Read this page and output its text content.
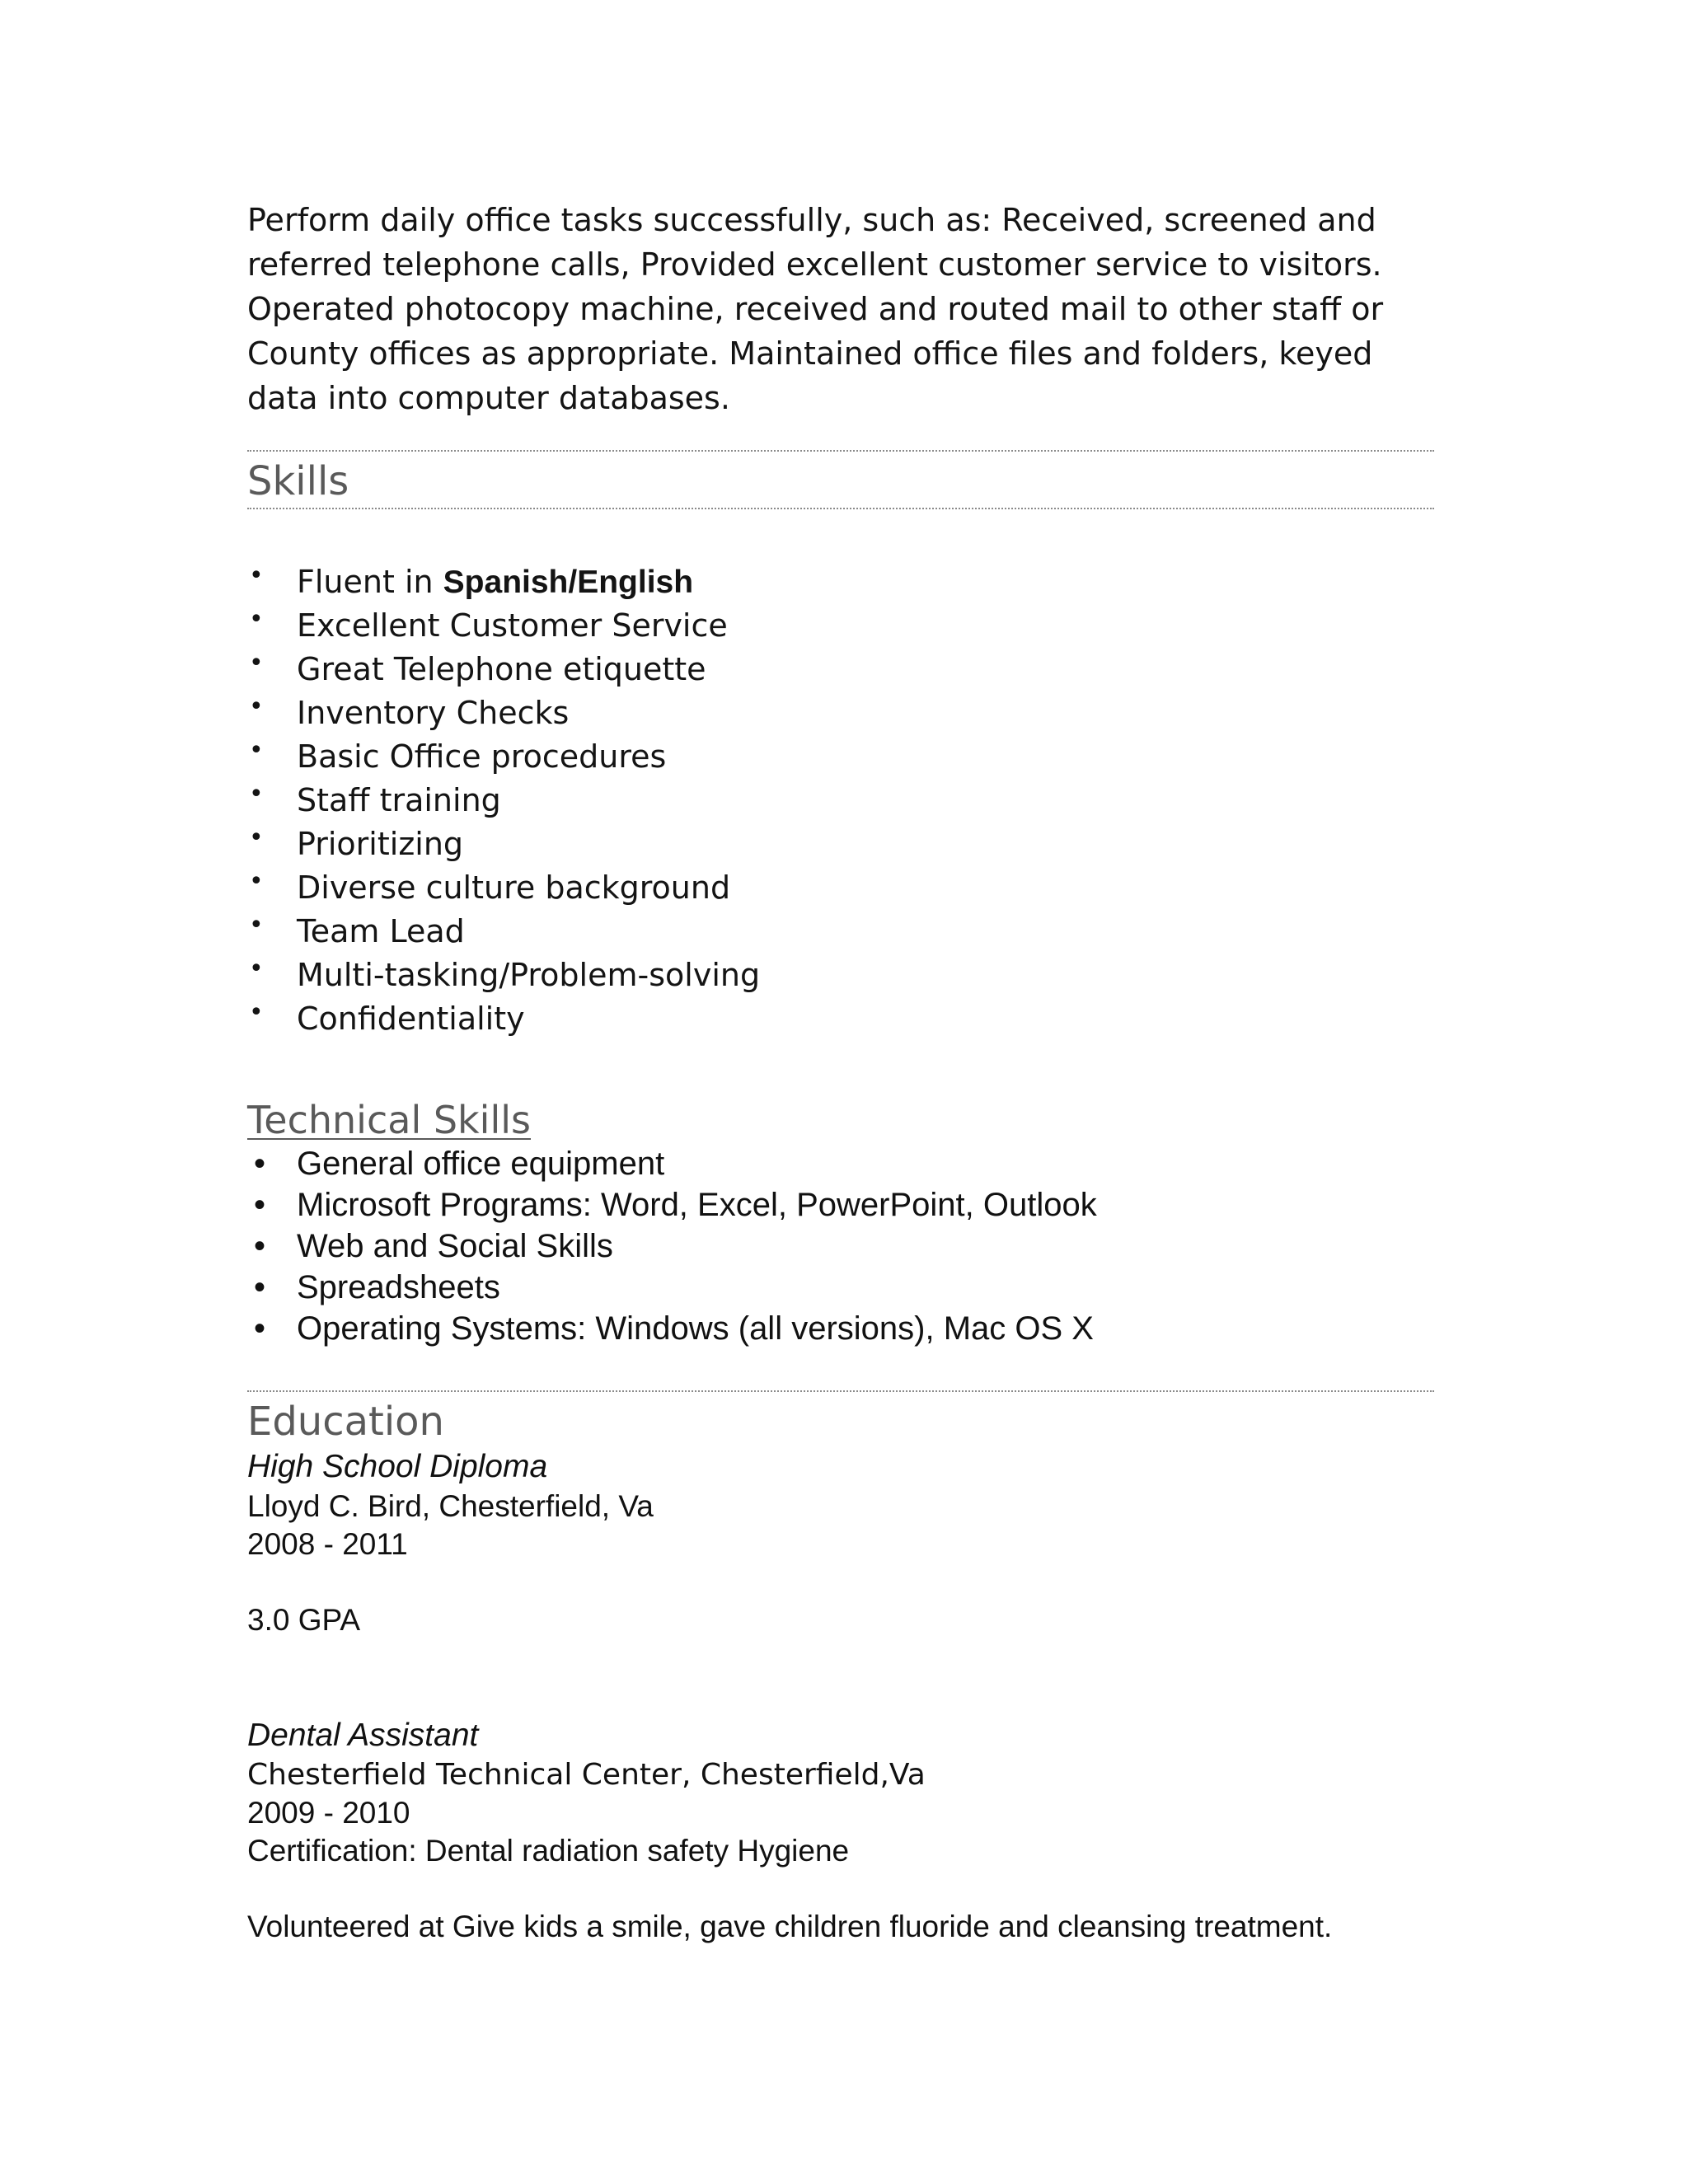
Perform daily office tasks successfully, such as: Received, screened and referred telephone calls, Provided excellent customer service to visitors. Operated photocopy machine, received and routed mail to other staff or County offices as appropriate. Maintained office files and folders, keyed data into computer databases.

Skills
• Fluent in Spanish/English
• Excellent Customer Service
• Great Telephone etiquette
• Inventory Checks
• Basic Office procedures
• Staff training
• Prioritizing
• Diverse culture background
• Team Lead
• Multi-tasking/Problem-solving
• Confidentiality
Technical Skills
• General office equipment
• Microsoft Programs: Word, Excel, PowerPoint, Outlook
• Web and Social Skills
• Spreadsheets
• Operating Systems: Windows (all versions), Mac OS X
Education

High School Diploma

Lloyd C. Bird, Chesterfield, Va

2008 - 2011

3.0 GPA

Dental Assistant

Chesterfield Technical Center, Chesterfield,Va

2009 - 2010

Certification: Dental radiation safety Hygiene

Volunteered at Give kids a smile, gave children fluoride and cleansing treatment.
